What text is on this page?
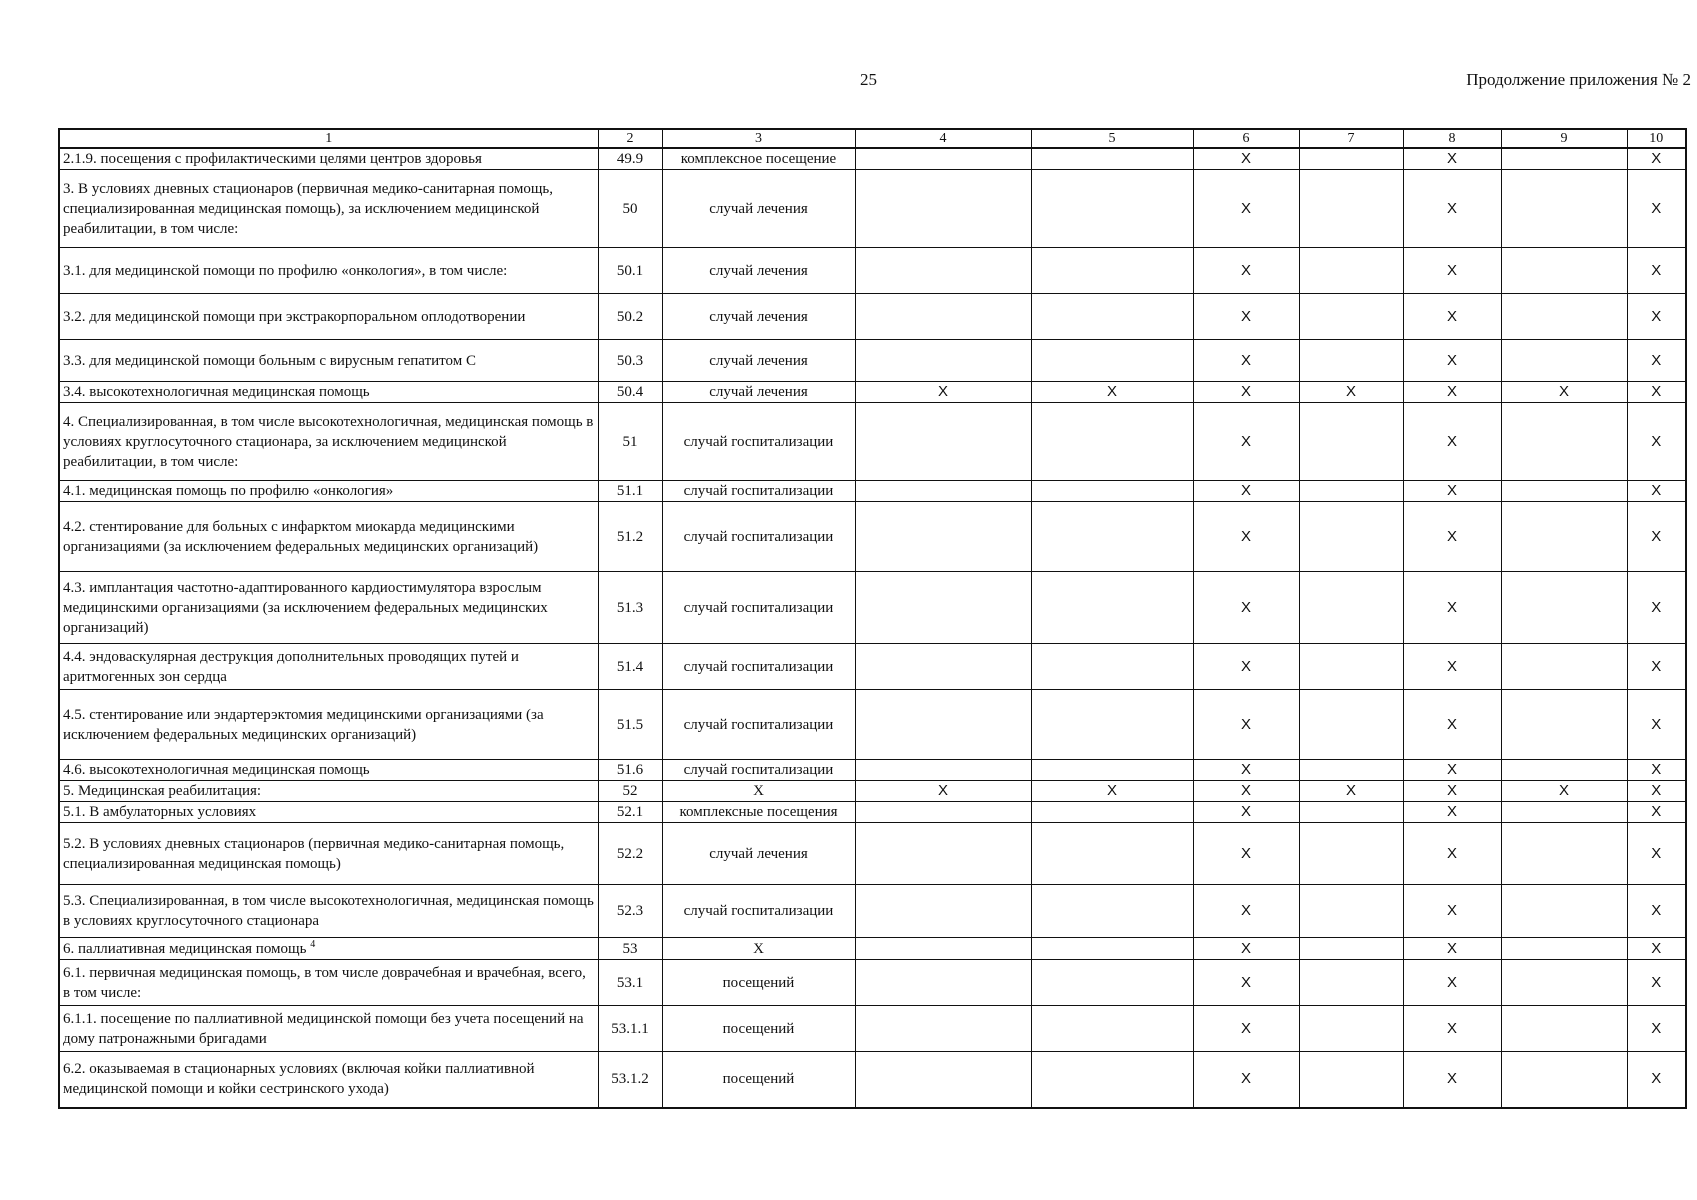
25	Продолжение приложения № 2
1	2	3	4	5	6	7	8	9	10
2.1.9. посещения с профилактическими целями центров здоровья	49.9	комплексное посещение			X		X		X
3. В условиях дневных стационаров (первичная медико-санитарная помощь, специализированная медицинская помощь), за исключением медицинской реабилитации, в том числе:	50	случай лечения			X		X		X
3.1. для медицинской помощи по профилю «онкология», в том числе:	50.1	случай лечения			X		X		X
3.2. для медицинской помощи при экстракорпоральном оплодотворении	50.2	случай лечения			X		X		X
3.3. для медицинской помощи больным с вирусным гепатитом С	50.3	случай лечения			X		X		X
3.4. высокотехнологичная медицинская помощь	50.4	случай лечения	X	X	X	X	X	X	X
4. Специализированная, в том числе высокотехнологичная, медицинская помощь в условиях круглосуточного стационара, за исключением медицинской реабилитации, в том числе:	51	случай госпитализации			X		X		X
4.1. медицинская помощь по профилю «онкология»	51.1	случай госпитализации			X		X		X
4.2. стентирование для больных с инфарктом миокарда медицинскими организациями (за исключением федеральных медицинских организаций)	51.2	случай госпитализации			X		X		X
4.3. имплантация частотно-адаптированного кардиостимулятора взрослым медицинскими организациями (за исключением федеральных медицинских организаций)	51.3	случай госпитализации			X		X		X
4.4. эндоваскулярная деструкция дополнительных проводящих путей и аритмогенных зон сердца	51.4	случай госпитализации			X		X		X
4.5. стентирование или эндартерэктомия медицинскими организациями (за исключением федеральных медицинских организаций)	51.5	случай госпитализации			X		X		X
4.6. высокотехнологичная медицинская помощь	51.6	случай госпитализации			X		X		X
5. Медицинская реабилитация:	52	X	X	X	X	X	X	X	X
5.1. В амбулаторных условиях	52.1	комплексные посещения			X		X		X
5.2. В условиях дневных стационаров (первичная медико-санитарная помощь, специализированная медицинская помощь)	52.2	случай лечения			X		X		X
5.3. Специализированная, в том числе высокотехнологичная, медицинская помощь в условиях круглосуточного стационара	52.3	случай госпитализации			X		X		X
6. паллиативная медицинская помощь $^4$	53	X			X		X		X
6.1. первичная медицинская помощь, в том числе доврачебная и врачебная, всего, в том числе:	53.1	посещений			X		X		X
6.1.1. посещение по паллиативной медицинской помощи без учета посещений на дому патронажными бригадами	53.1.1	посещений			X		X		X
6.2. оказываемая в стационарных условиях (включая койки паллиативной медицинской помощи и койки сестринского ухода)	53.1.2	посещений			X		X		X
